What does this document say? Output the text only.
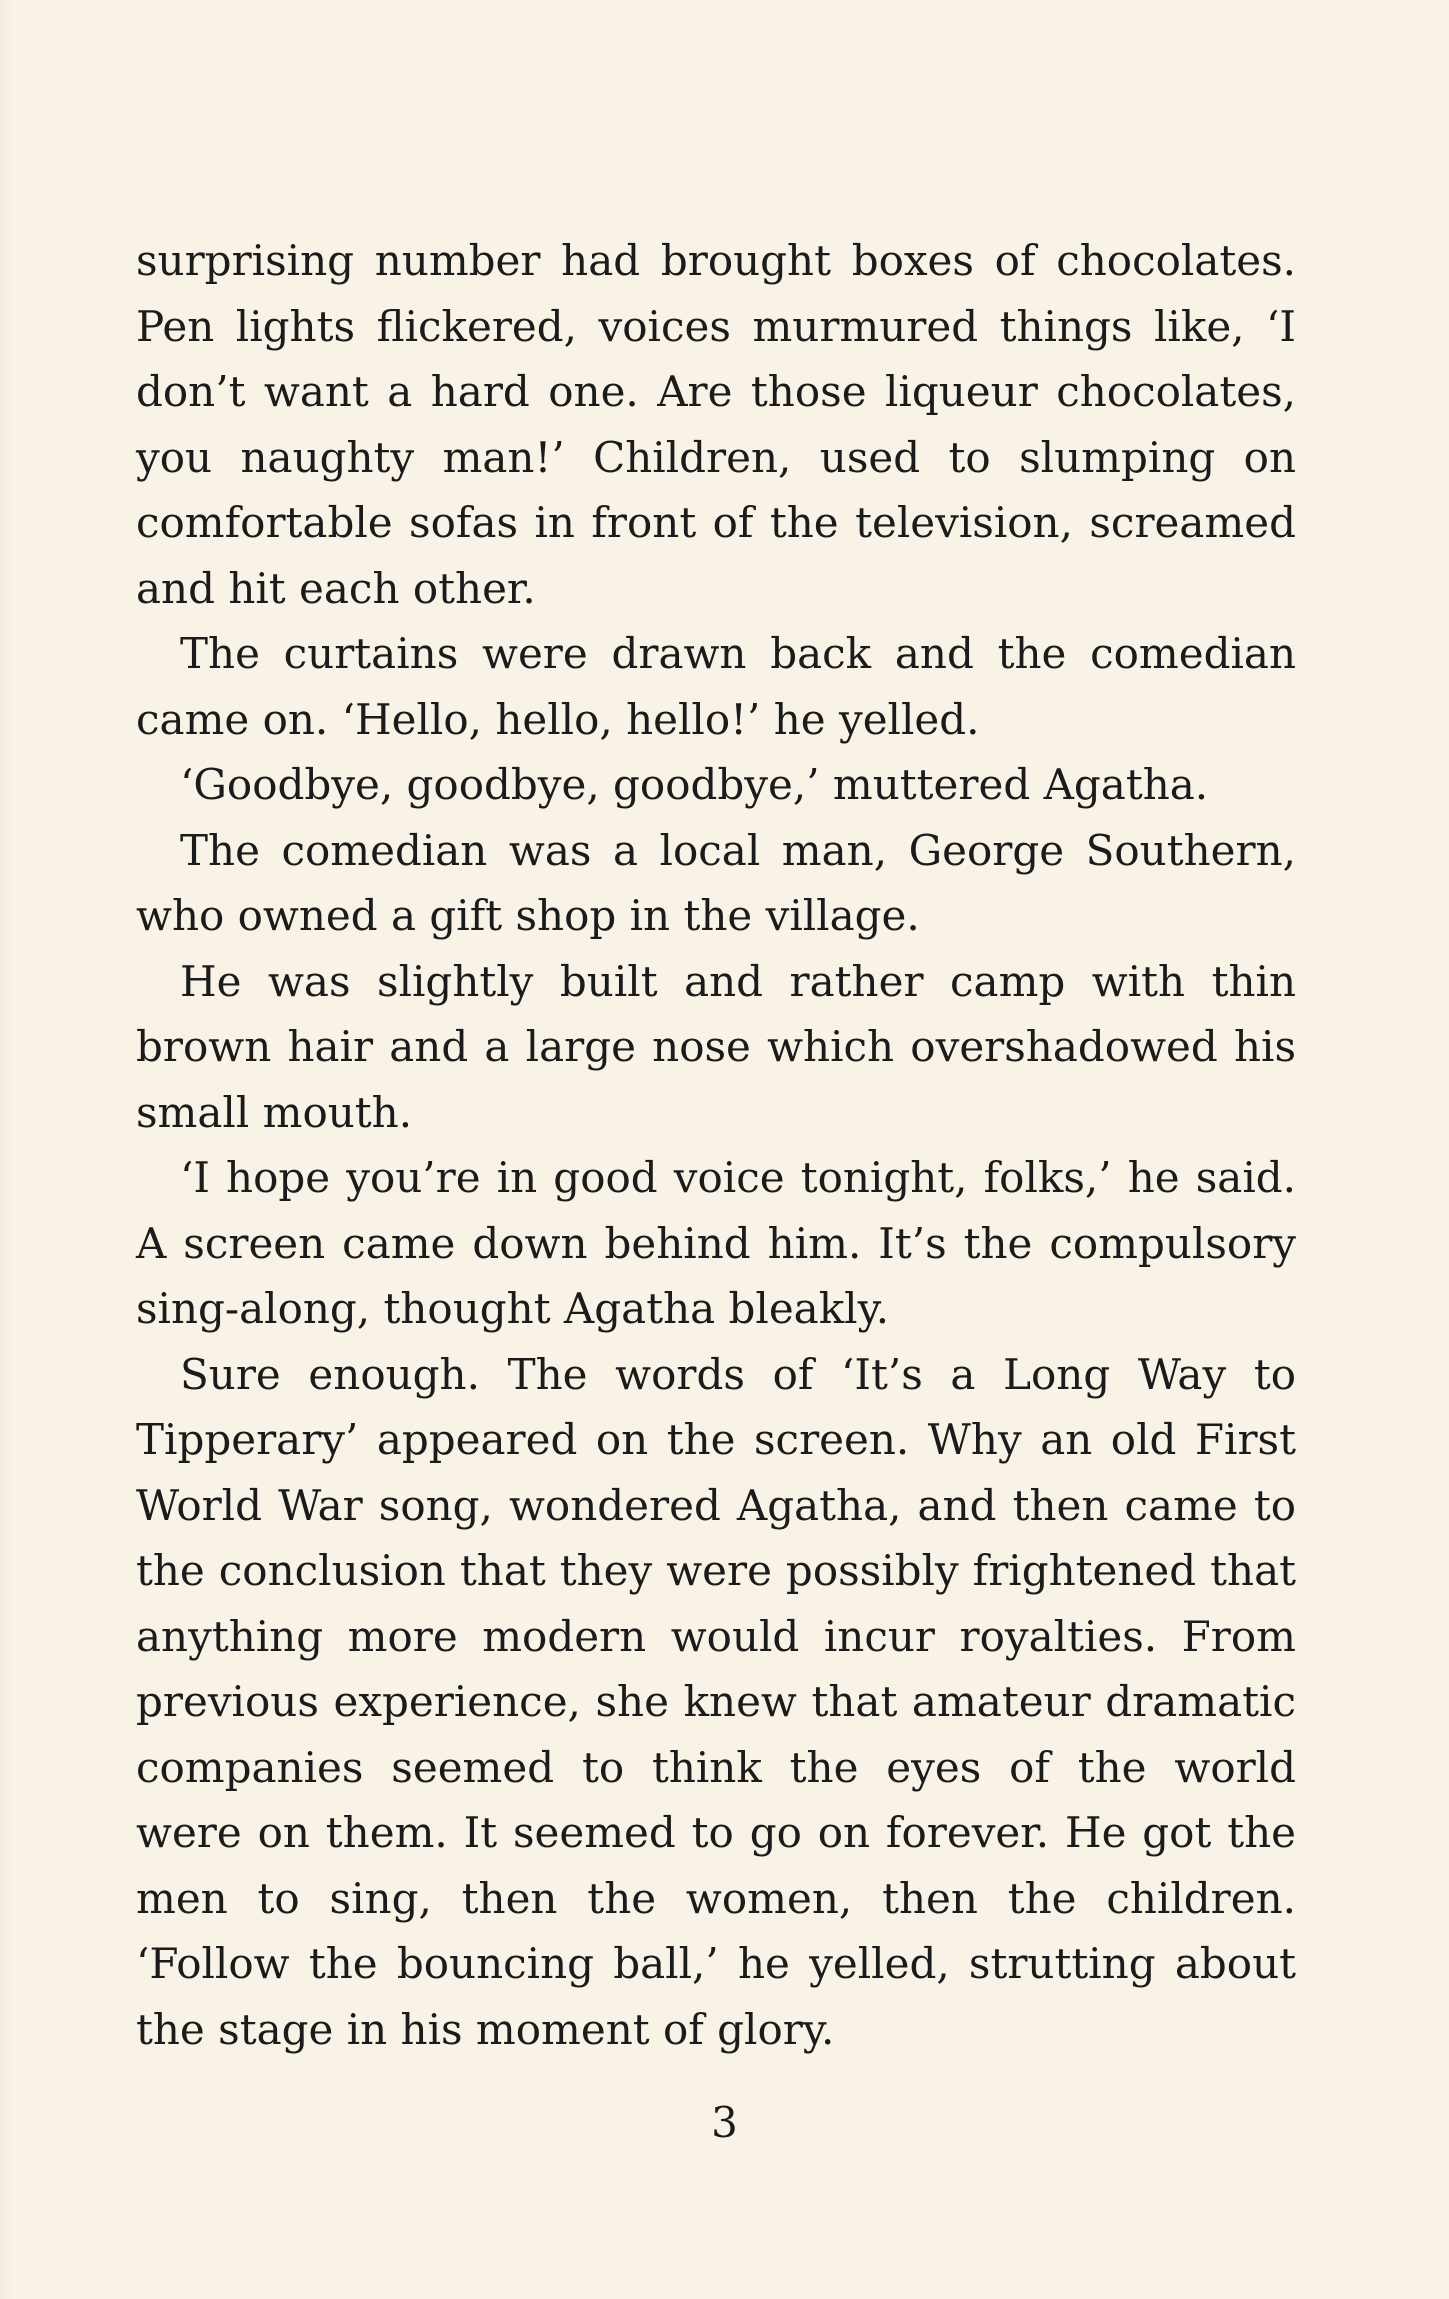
surprising number had brought boxes of chocolates. Pen lights flickered, voices murmured things like, ‘I don’t want a hard one. Are those liqueur chocolates, you naughty man!’ Children, used to slumping on comfortable sofas in front of the television, screamed and hit each other.

The curtains were drawn back and the comedian came on. ‘Hello, hello, hello!’ he yelled.

‘Goodbye, goodbye, goodbye,’ muttered Agatha.

The comedian was a local man, George Southern, who owned a gift shop in the village.

He was slightly built and rather camp with thin brown hair and a large nose which overshadowed his small mouth.

‘I hope you’re in good voice tonight, folks,’ he said. A screen came down behind him. It’s the compulsory sing-along, thought Agatha bleakly.

Sure enough. The words of ‘It’s a Long Way to Tipperary’ appeared on the screen. Why an old First World War song, wondered Agatha, and then came to the conclusion that they were possibly frightened that anything more modern would incur royalties. From previous experience, she knew that amateur dramatic companies seemed to think the eyes of the world were on them. It seemed to go on forever. He got the men to sing, then the women, then the children. ‘Follow the bouncing ball,’ he yelled, strutting about the stage in his moment of glory.

3
